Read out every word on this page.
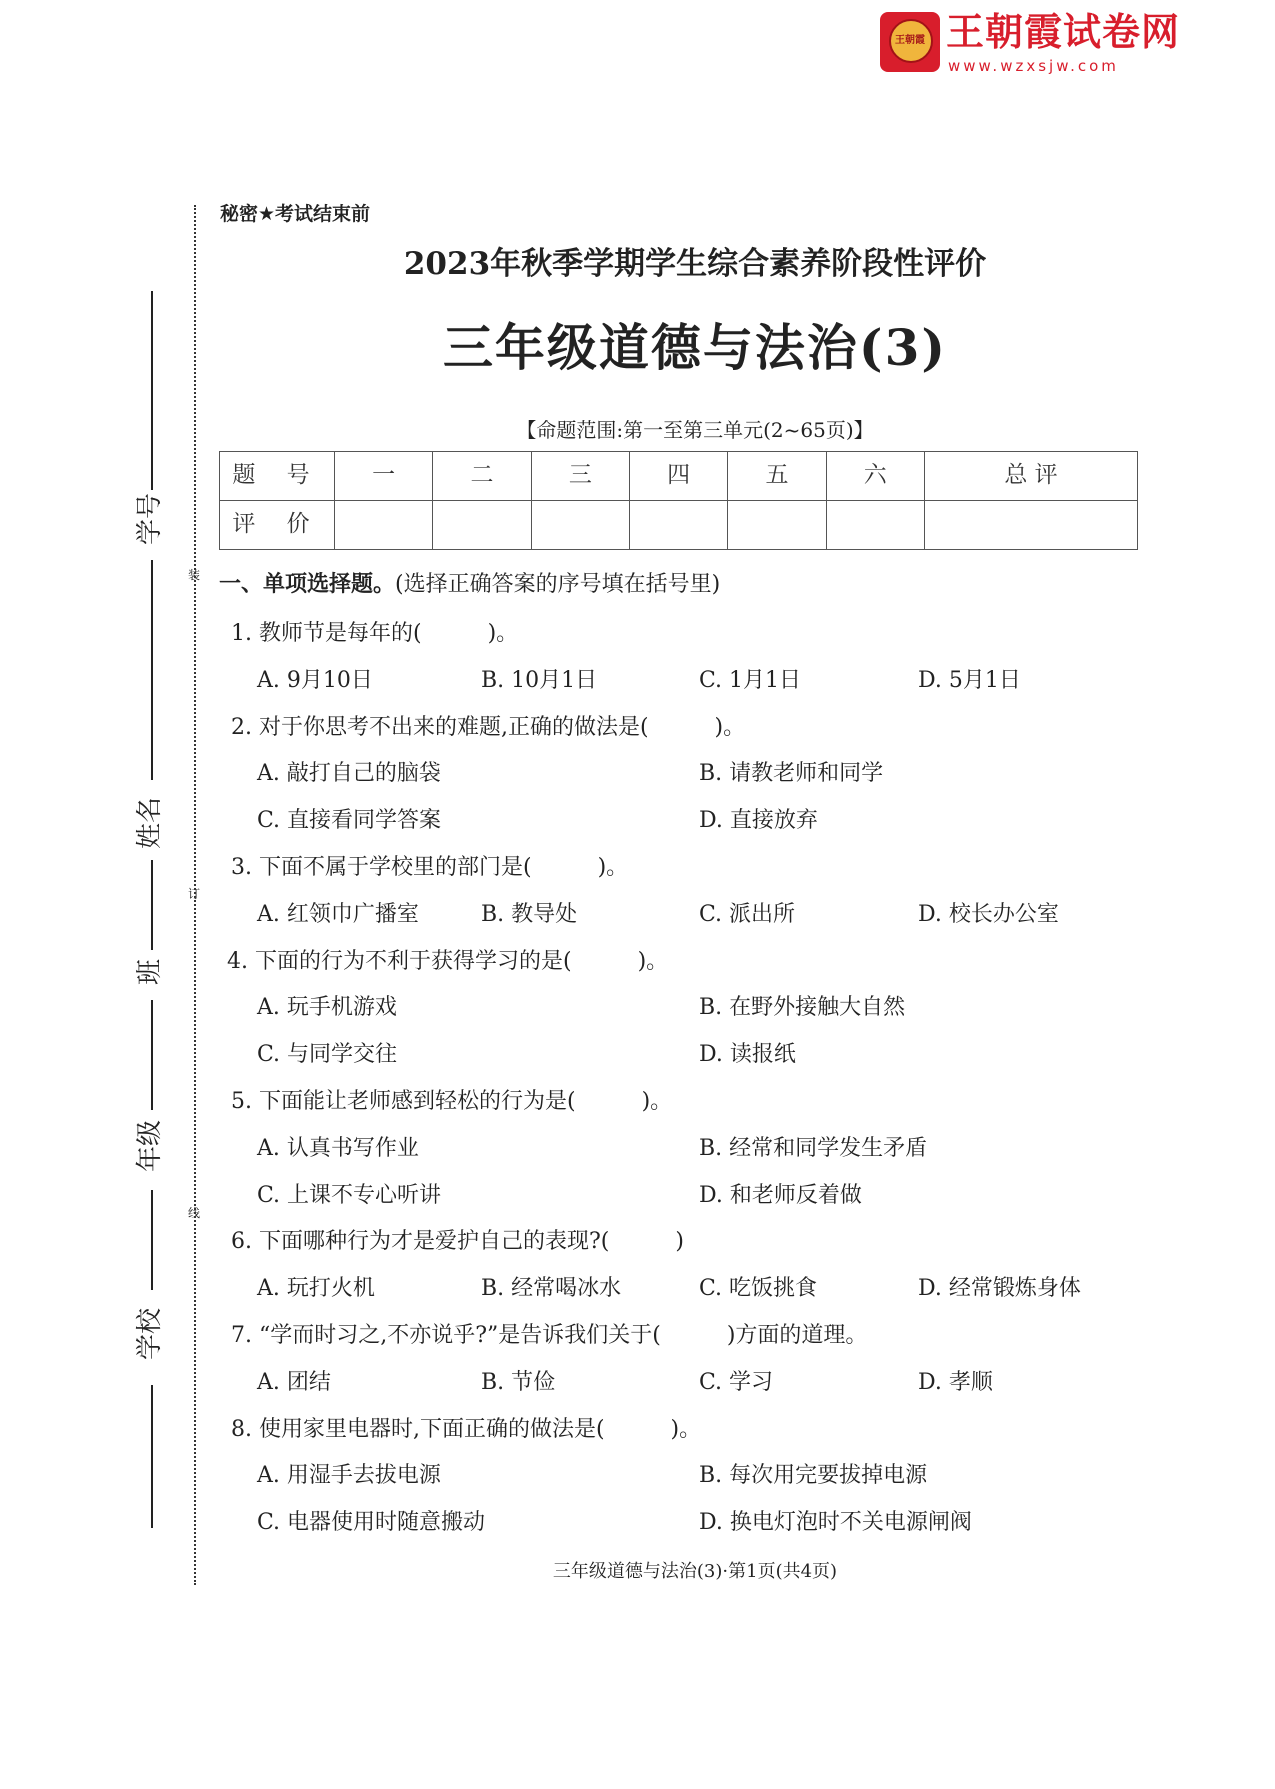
王朝霞 王朝霞试卷网
www.wzxsjw.com
学号
姓名
班
年级
学校
装
订
线
秘密★考试结束前
2023年秋季学期学生综合素养阶段性评价
三年级道德与法治(3)
【命题范围:第一至第三单元(2~65页)】
题 号	一	二	三	四	五	六	总 评
评 价							
一、单项选择题。(选择正确答案的序号填在括号里)
1. 教师节是每年的(　　　)。
A. 9月10日	B. 10月1日	C. 1月1日	D. 5月1日
2. 对于你思考不出来的难题,正确的做法是(　　　)。
A. 敲打自己的脑袋	B. 请教老师和同学
C. 直接看同学答案	D. 直接放弃
3. 下面不属于学校里的部门是(　　　)。
A. 红领巾广播室	B. 教导处	C. 派出所	D. 校长办公室
4. 下面的行为不利于获得学习的是(　　　)。
A. 玩手机游戏	B. 在野外接触大自然
C. 与同学交往	D. 读报纸
5. 下面能让老师感到轻松的行为是(　　　)。
A. 认真书写作业	B. 经常和同学发生矛盾
C. 上课不专心听讲	D. 和老师反着做
6. 下面哪种行为才是爱护自己的表现?(　　　)
A. 玩打火机	B. 经常喝冰水	C. 吃饭挑食	D. 经常锻炼身体
7. “学而时习之,不亦说乎?”是告诉我们关于(　　　)方面的道理。
A. 团结	B. 节俭	C. 学习	D. 孝顺
8. 使用家里电器时,下面正确的做法是(　　　)。
A. 用湿手去拔电源	B. 每次用完要拔掉电源
C. 电器使用时随意搬动	D. 换电灯泡时不关电源闸阀
三年级道德与法治(3)·第1页(共4页)
